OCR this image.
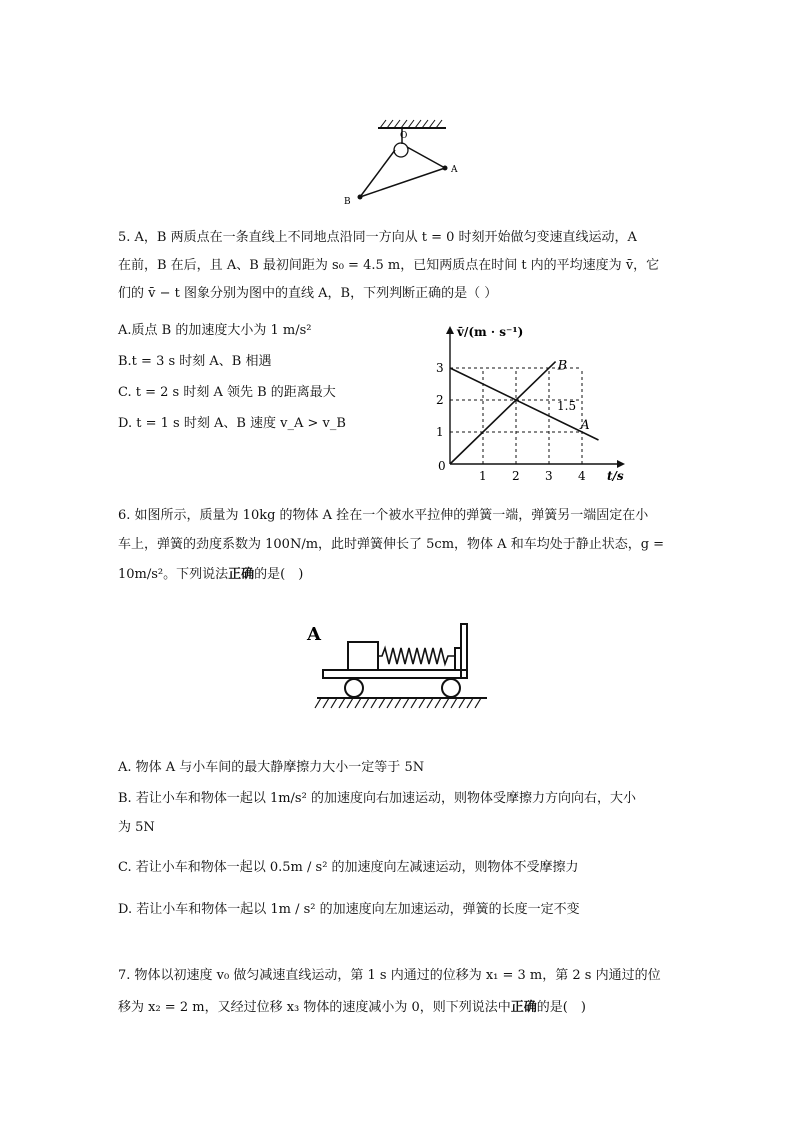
O
A
B
5. A，B 两质点在一条直线上不同地点沿同一方向从 t = 0 时刻开始做匀变速直线运动，A
在前，B 在后，且 A、B 最初间距为 s₀ = 4.5 m，已知两质点在时间 t 内的平均速度为 v̄，它
们的 v̄ − t 图象分别为图中的直线 A，B，下列判断正确的是（ ）
A.质点 B 的加速度大小为 1 m/s²
B.t = 3 s 时刻 A、B 相遇
C. t = 2 s 时刻 A 领先 B 的距离最大
D. t = 1 s 时刻 A、B 速度 v_A > v_B	A
B
1 2 3 4
1
2
3
v̄/(m · s⁻¹)
t/s
0
1.5
6. 如图所示，质量为 10kg 的物体 A 拴在一个被水平拉伸的弹簧一端，弹簧另一端固定在小
车上，弹簧的劲度系数为 100N/m，此时弹簧伸长了 5cm，物体 A 和车均处于静止状态，g =
10m/s²。下列说法正确的是(　)
A
A. 物体 A 与小车间的最大静摩擦力大小一定等于 5N
B. 若让小车和物体一起以 1m/s² 的加速度向右加速运动，则物体受摩擦力方向向右，大小
为 5N
C. 若让小车和物体一起以 0.5m / s² 的加速度向左减速运动，则物体不受摩擦力
D. 若让小车和物体一起以 1m / s² 的加速度向左加速运动，弹簧的长度一定不变
7. 物体以初速度 v₀ 做匀减速直线运动，第 1 s 内通过的位移为 x₁ = 3 m，第 2 s 内通过的位
移为 x₂ = 2 m，又经过位移 x₃ 物体的速度减小为 0，则下列说法中正确的是(　)
